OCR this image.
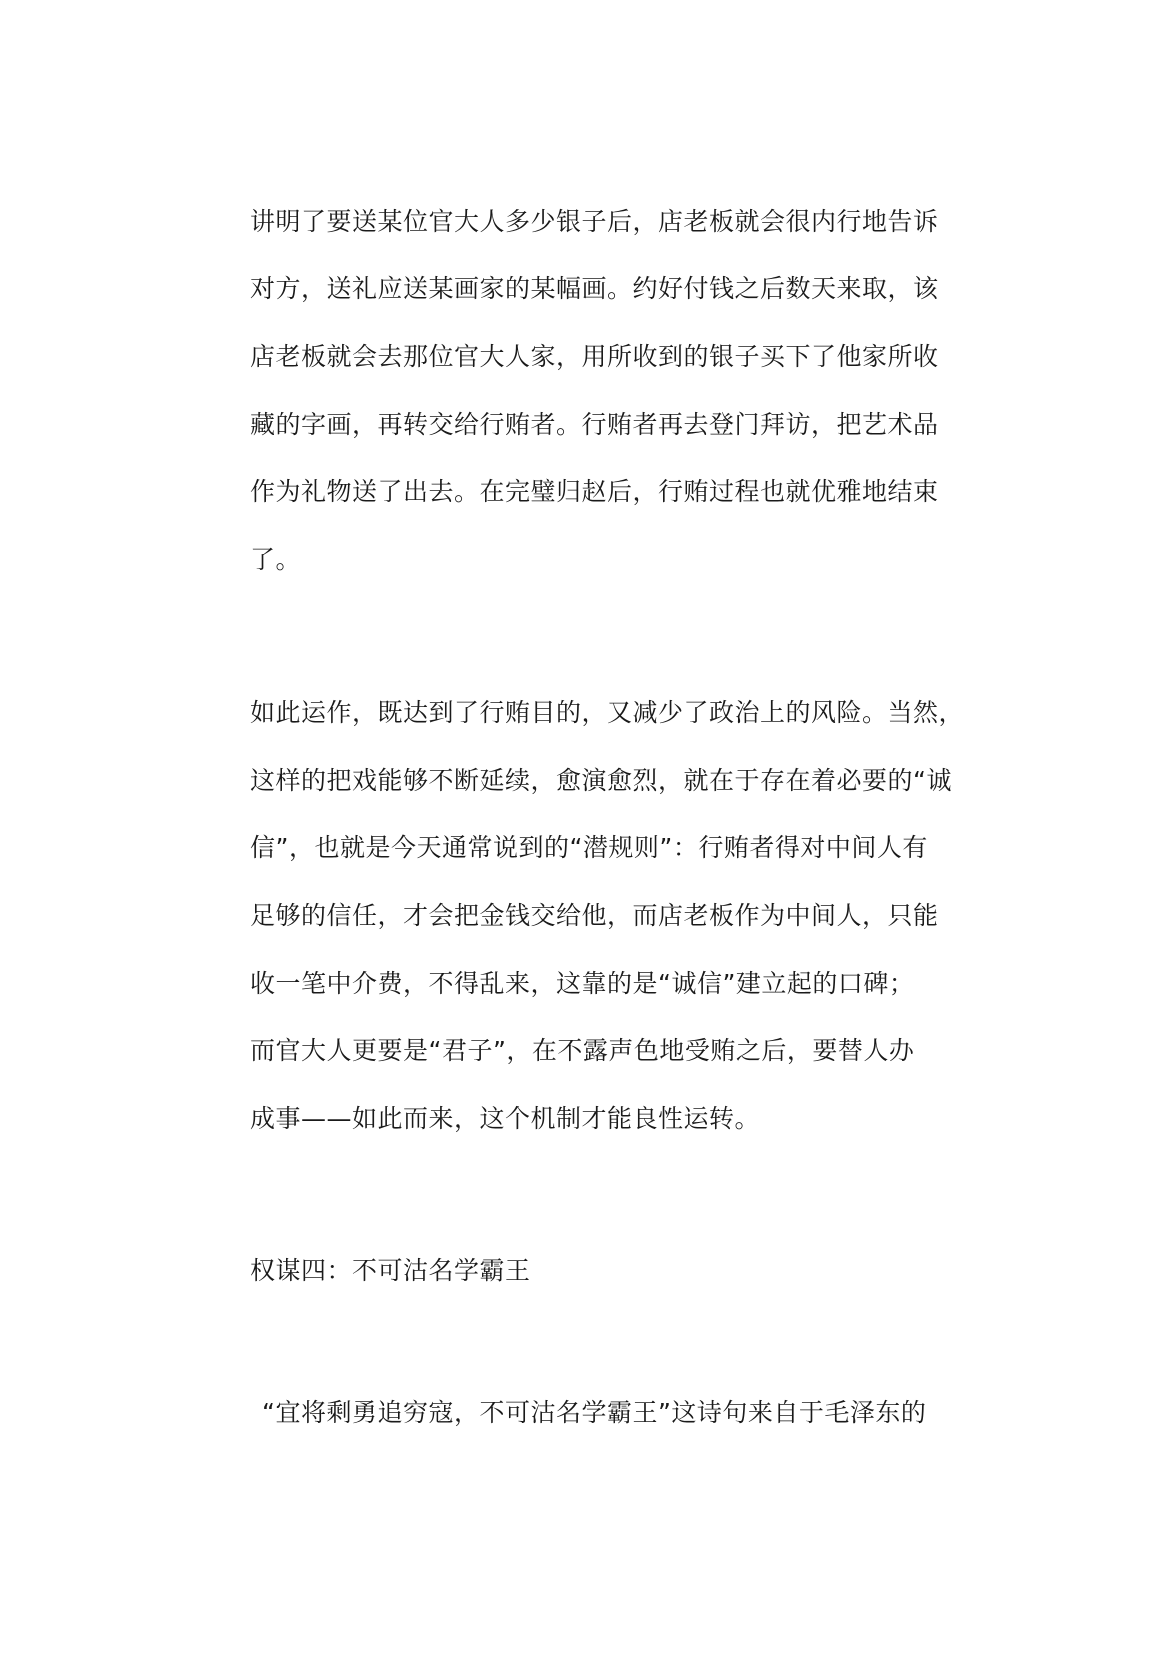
讲明了要送某位官大人多少银子后，店老板就会很内行地告诉
对方，送礼应送某画家的某幅画。约好付钱之后数天来取，该
店老板就会去那位官大人家，用所收到的银子买下了他家所收
藏的字画，再转交给行贿者。行贿者再去登门拜访，把艺术品
作为礼物送了出去。在完璧归赵后，行贿过程也就优雅地结束
了。
如此运作，既达到了行贿目的，又减少了政治上的风险。当然，
这样的把戏能够不断延续，愈演愈烈，就在于存在着必要的“诚
信”，也就是今天通常说到的“潜规则”：行贿者得对中间人有
足够的信任，才会把金钱交给他，而店老板作为中间人，只能
收一笔中介费，不得乱来，这靠的是“诚信”建立起的口碑；
而官大人更要是“君子”，在不露声色地受贿之后，要替人办
成事——如此而来，这个机制才能良性运转。
权谋四：不可沽名学霸王
“宜将剩勇追穷寇，不可沽名学霸王”这诗句来自于毛泽东的
